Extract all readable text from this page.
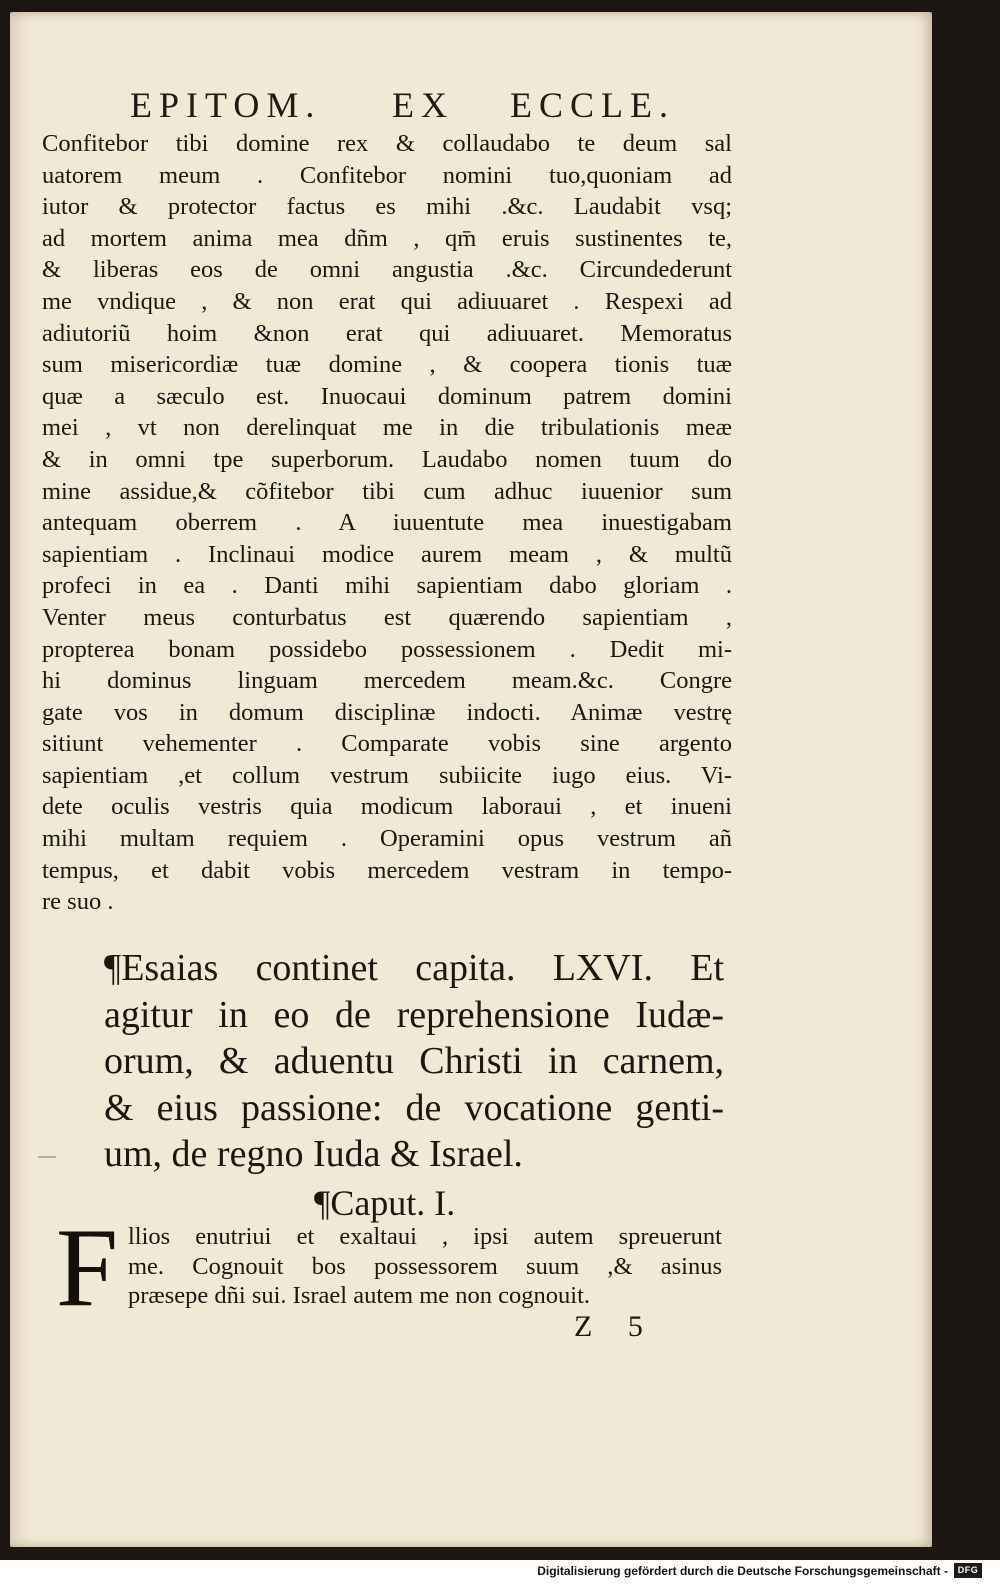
EPITOM. EX ECCLE.
Confitebor tibi domine rex & collaudabo te deum sal
uatorem meum . Confitebor nomini tuo,quoniam ad
iutor & protector factus es mihi .&c. Laudabit vsq;
ad mortem anima mea dñm , qm̄ eruis sustinentes te,
& liberas eos de omni angustia .&c. Circundederunt
me vndique , & non erat qui adiuuaret . Respexi ad
adiutoriũ hoim &non erat qui adiuuaret. Memoratus
sum misericordiæ tuæ domine , & coopera tionis tuæ
quæ a sæculo est. Inuocaui dominum patrem domini
mei , vt non derelinquat me in die tribulationis meæ
& in omni tpe superborum. Laudabo nomen tuum do
mine assidue,& cõfitebor tibi cum adhuc iuuenior sum
antequam oberrem . A iuuentute mea inuestigabam
sapientiam . Inclinaui modice aurem meam , & multũ
profeci in ea . Danti mihi sapientiam dabo gloriam .
Venter meus conturbatus est quærendo sapientiam ,
propterea bonam possidebo possessionem . Dedit mi-
hi dominus linguam mercedem meam.&c. Congre
gate vos in domum disciplinæ indocti. Animæ vestrę
sitiunt vehementer . Comparate vobis sine argento
sapientiam ,et collum vestrum subiicite iugo eius. Vi-
dete oculis vestris quia modicum laboraui , et inueni
mihi multam requiem . Operamini opus vestrum añ
tempus, et dabit vobis mercedem vestram in tempo-
re suo .
¶Esaias continet capita. LXVI. Et
agitur in eo de reprehensione Iudæ-
orum, & aduentu Christi in carnem,
& eius passione: de vocatione genti-
um, de regno Iuda & Israel.
¶Caput. I.
F llios enutriui et exaltaui , ipsi autem spreuerunt
me. Cognouit bos possessorem suum ,& asinus
præsepe dñi sui. Israel autem me non cognouit.
Z 5
Digitalisierung gefördert durch die Deutsche Forschungsgemeinschaft -	DFG
